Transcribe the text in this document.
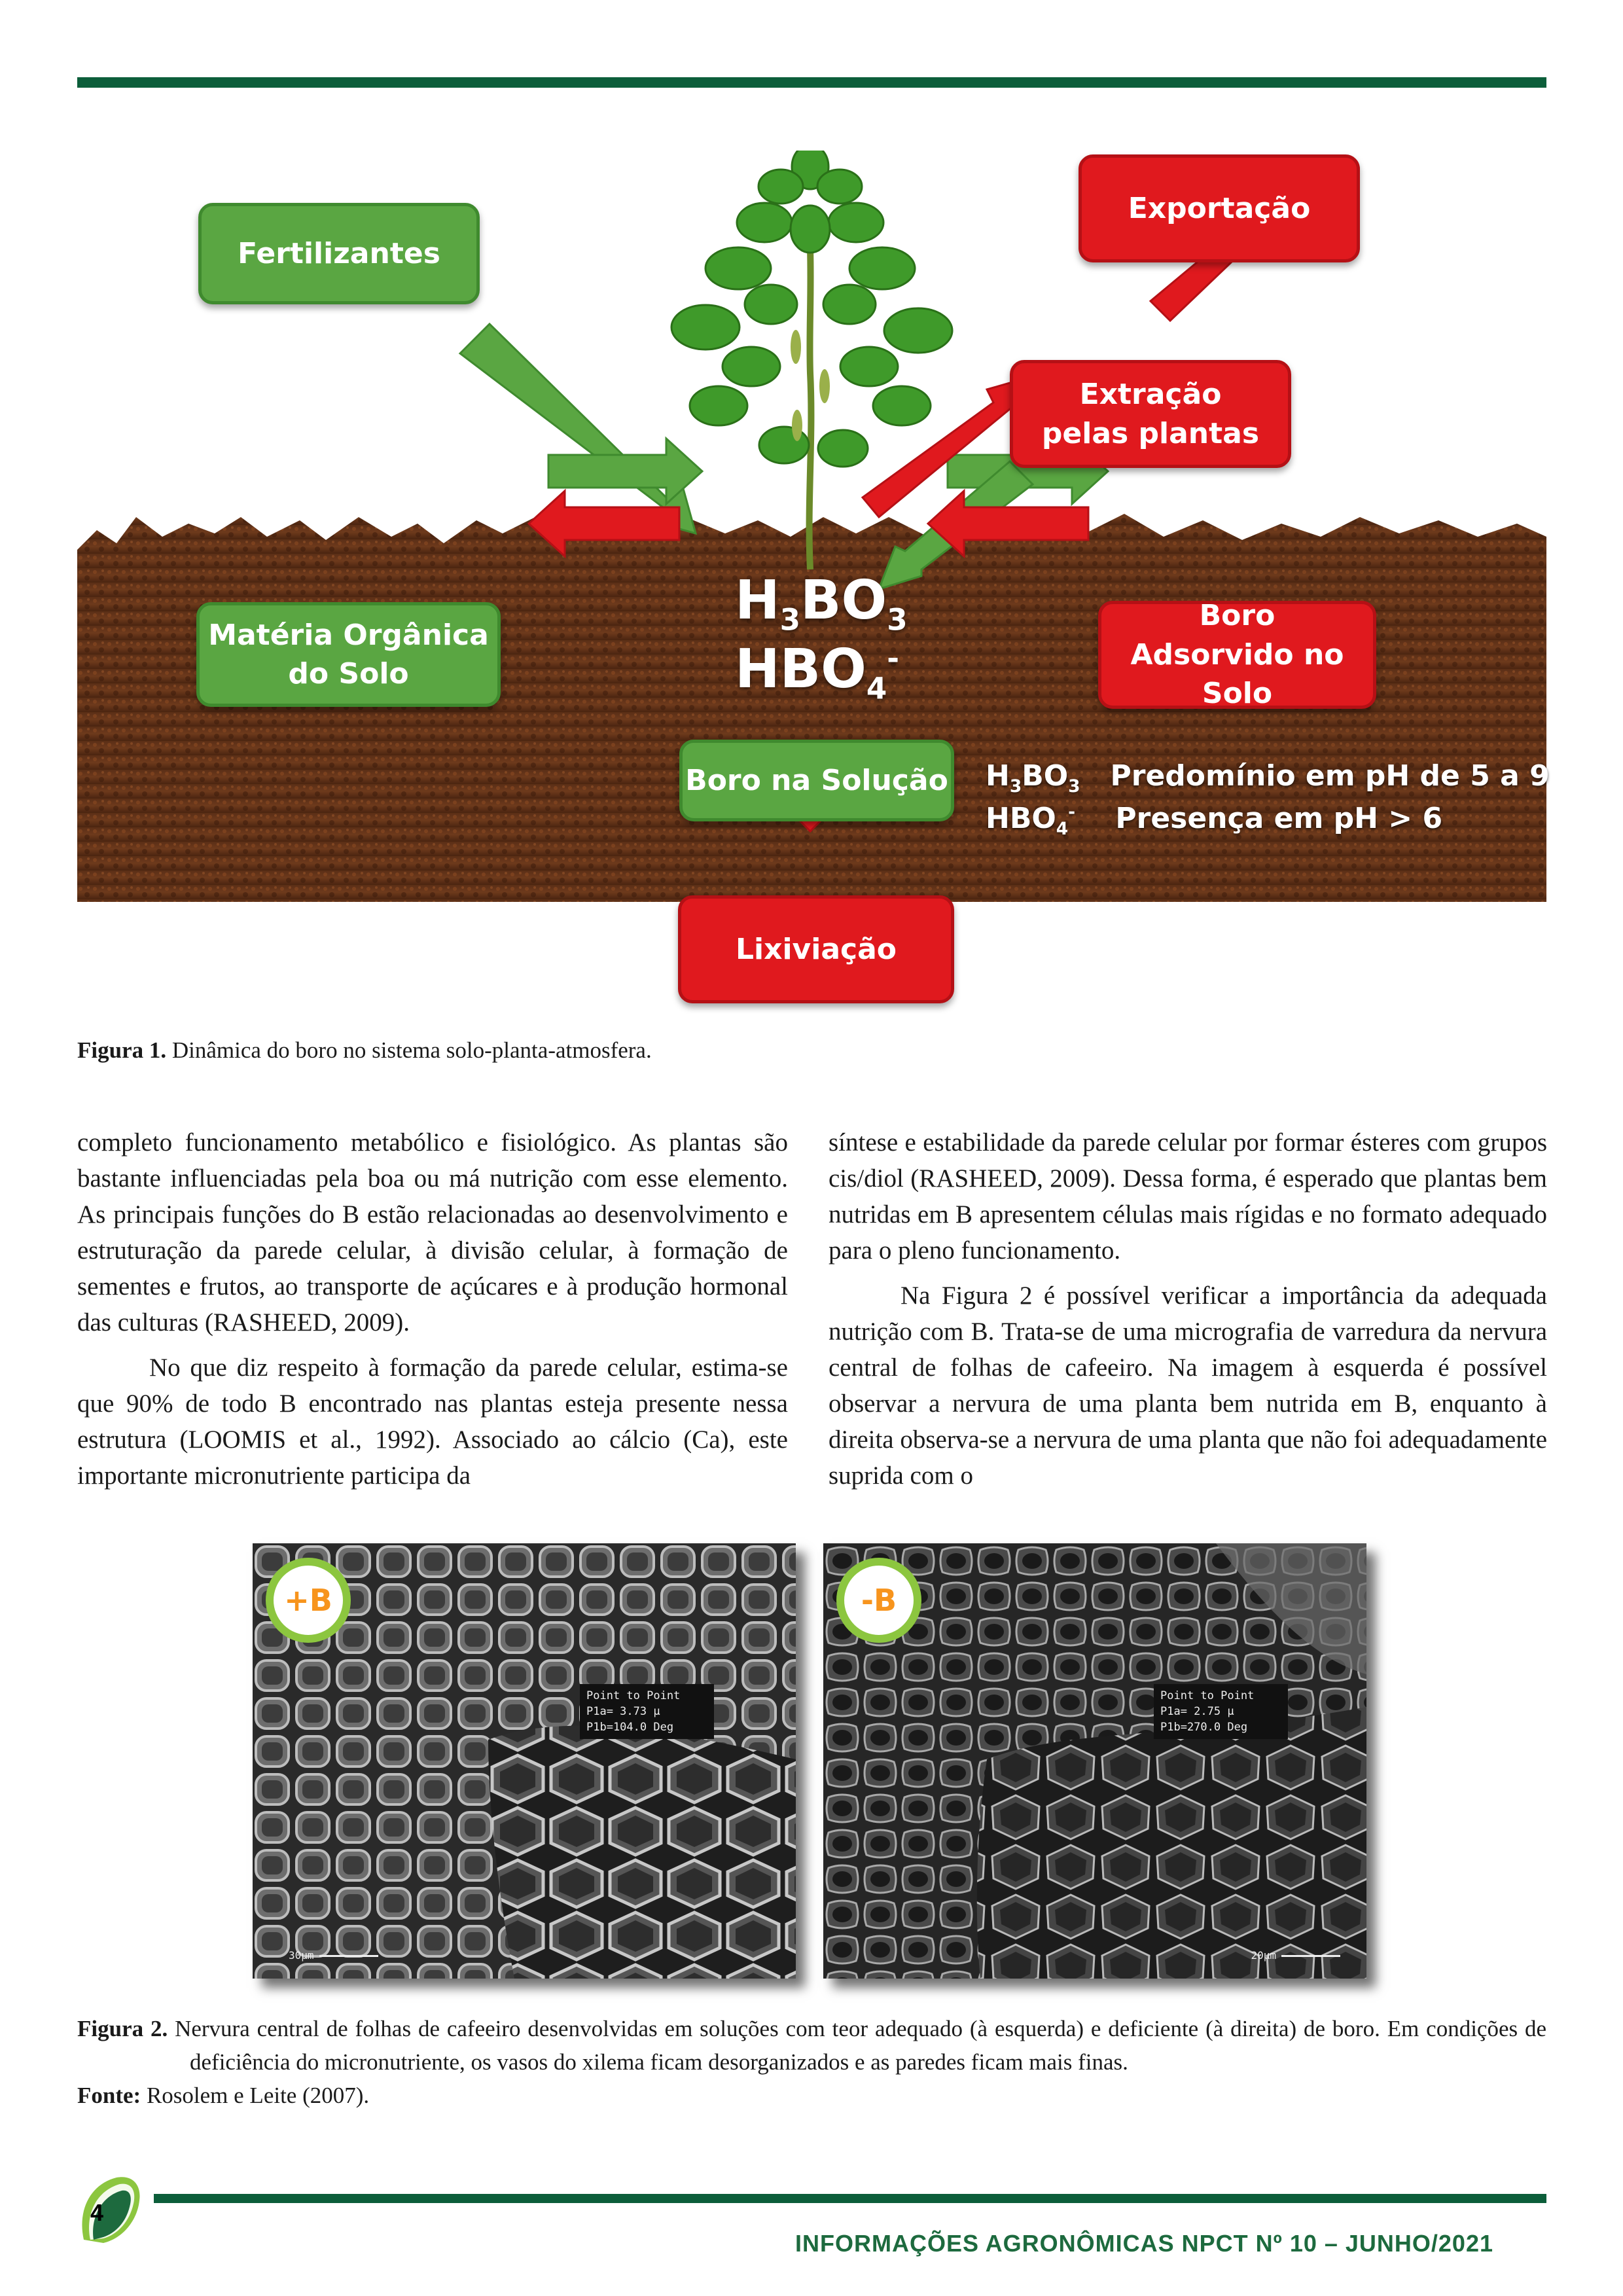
Fertilizantes
Exportação
Extração pelas plantas
Matéria Orgânica do Solo
Boro Adsorvido no Solo
Boro na Solução
Lixiviação
$H_3BO_3$
$HBO_4^-$
$H_3BO_3$ Predomínio em pH de 5 a 9
$HBO_4^-$ Presença em pH > 6
Figura 1. Dinâmica do boro no sistema solo-planta-atmosfera.

completo funcionamento metabólico e fisiológico. As plantas são bastante influenciadas pela boa ou má nutrição com esse elemento. As principais funções do B estão relacionadas ao desenvolvimento e estruturação da parede celular, à divisão celular, à formação de sementes e frutos, ao transporte de açúcares e à produção hormonal das culturas (RASHEED, 2009).

No que diz respeito à formação da parede celular, estima-se que 90% de todo B encontrado nas plantas esteja presente nessa estrutura (LOOMIS et al., 1992). Associado ao cálcio (Ca), este importante micronutriente participa da

síntese e estabilidade da parede celular por formar ésteres com grupos cis/diol (RASHEED, 2009). Dessa forma, é esperado que plantas bem nutridas em B apresentem células mais rígidas e no formato adequado para o pleno funcionamento.

Na Figura 2 é possível verificar a importância da adequada nutrição com B. Trata-se de uma micrografia de varredura da nervura central de folhas de cafeeiro. Na imagem à esquerda é possível observar a nervura de uma planta bem nutrida em B, enquanto à direita observa-se a nervura de uma planta que não foi adequadamente suprida com o

+B
Point to Point
P1a= 3.73 µ
P1b=104.0 Deg
30µm
-B
Point to Point
P1a= 2.75 µ
P1b=270.0 Deg
20µm
Figura 2. Nervura central de folhas de cafeeiro desenvolvidas em soluções com teor adequado (à esquerda) e deficiente (à direita) de boro. Em condições de deficiência do micronutriente, os vasos do xilema ficam desorganizados e as paredes ficam mais finas.
Fonte: Rosolem e Leite (2007).
4
INFORMAÇÕES AGRONÔMICAS NPCT Nº 10 – JUNHO/2021
